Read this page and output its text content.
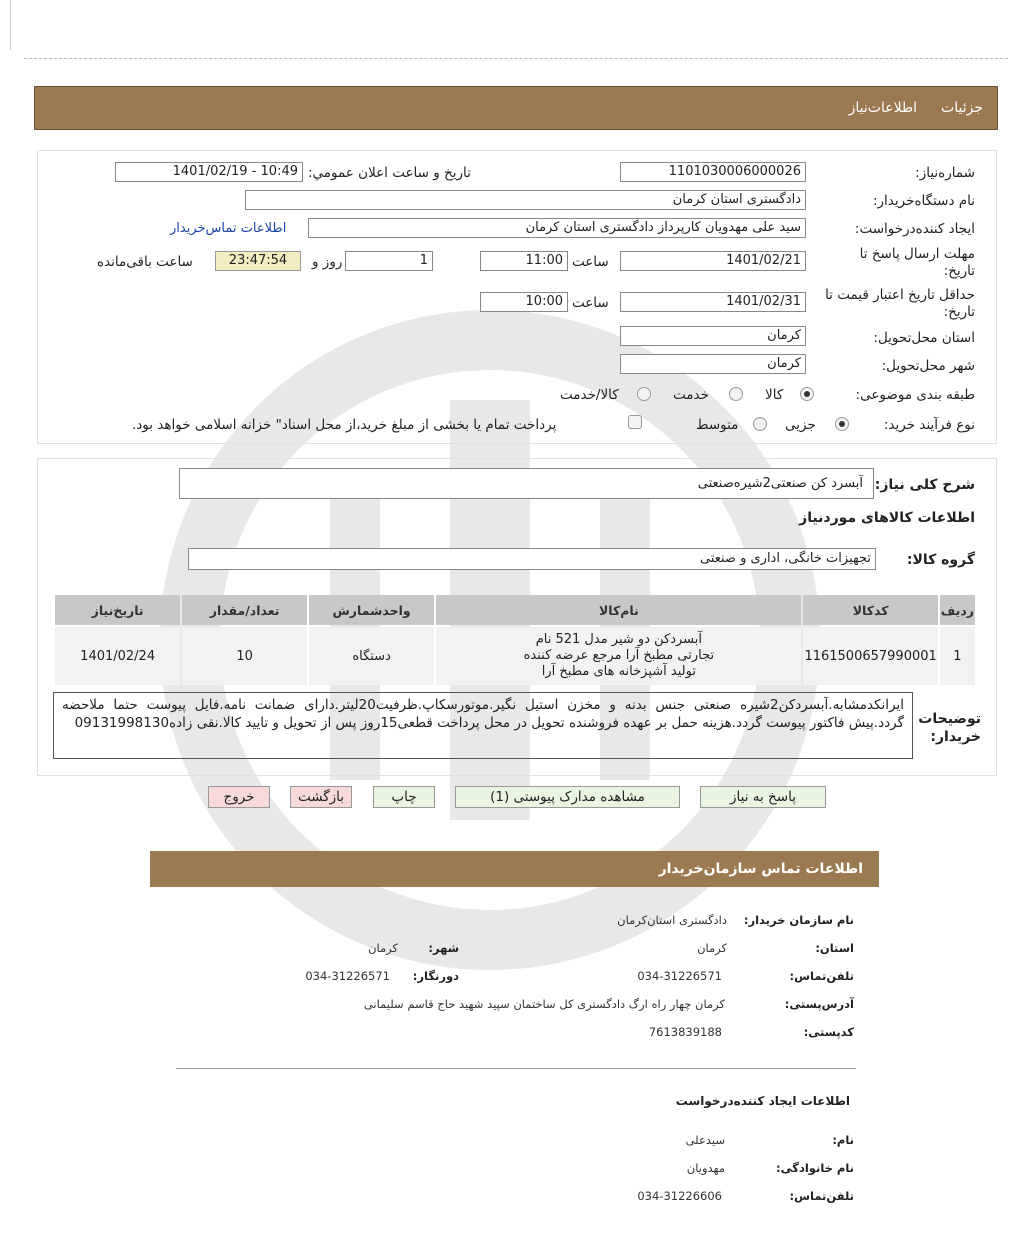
جزئیات
اطلاعات‌نیاز
شماره‌نیاز:
1101030006000026
تاریخ و ساعت اعلان عمومي:
1401/02/19 - 10:49
نام دستگاه‌خریدار:
دادگستری استان کرمان
ایجاد کننده‌درخواست:
سید علی مهدویان کارپرداز دادگستری استان کرمان
اطلاعات تماس‌خریدار
مهلت ارسال پاسخ تا تاریخ:
1401/02/21
ساعت
11:00
1
روز و
23:47:54
ساعت باقی‌مانده
حداقل تاریخ اعتبار قیمت تا تاریخ:
1401/02/31
ساعت
10:00
استان محل‌تحویل:
کرمان
شهر محل‌تحویل:
کرمان
طبقه بندی موضوعی:
کالا
خدمت
کالا/خدمت
نوع فرآیند خرید:
جزیی
متوسط
پرداخت تمام یا بخشی از مبلغ خرید،از محل اسناد" خزانه اسلامی خواهد بود.
شرح کلی نیاز:
آبسرد کن صنعتی2شیره‌صنعتی
اطلاعات کالاهای موردنیاز
گروه کالا:
تجهیزات خانگی، اداری و صنعتی
ردیف	کدکالا	نام‌کالا	واحدشمارش	تعداد/مقدار	تاریخ‌نیاز
1	1161500657990001	آبسردکن دو شیر مدل 521 نام
تجارتی مطبخ آرا مرجع عرضه کننده
تولید آشپزخانه های مطبخ آرا	دستگاه	10	1401/02/24
توضیحات خریدار:
ایرانکدمشابه.آبسردکن2شیره صنعتی جنس بدنه و مخزن استیل نگیر.موتورسکاپ.ظرفیت20لیتر.دارای ضمانت نامه.فایل پیوست حتما ملاحضه گردد.پیش فاکتور پیوست گردد.هزینه حمل بر عهده فروشنده تحویل در محل پرداخت قطعی15روز پس از تحویل و تایید کالا.نقی زاده09131998130
پاسخ به نیاز
مشاهده مدارک پیوستی (1)
چاپ
بازگشت
خروج
اطلاعات تماس سازمان‌خریدار
نام سازمان خریدار:
دادگستری استان‌کرمان
استان:
کرمان
شهر:
کرمان
تلفن‌تماس:
034-31226571
دورنگار:
034-31226571
آدرس‌پستی:
کرمان چهار راه ارگ دادگستری کل ساختمان سپید شهید حاج قاسم سلیمانی
کدپستی:
7613839188
اطلاعات ایجاد کننده‌درخواست
نام:
سیدعلی
نام خانوادگی:
مهدویان
تلفن‌تماس:
034-31226606
